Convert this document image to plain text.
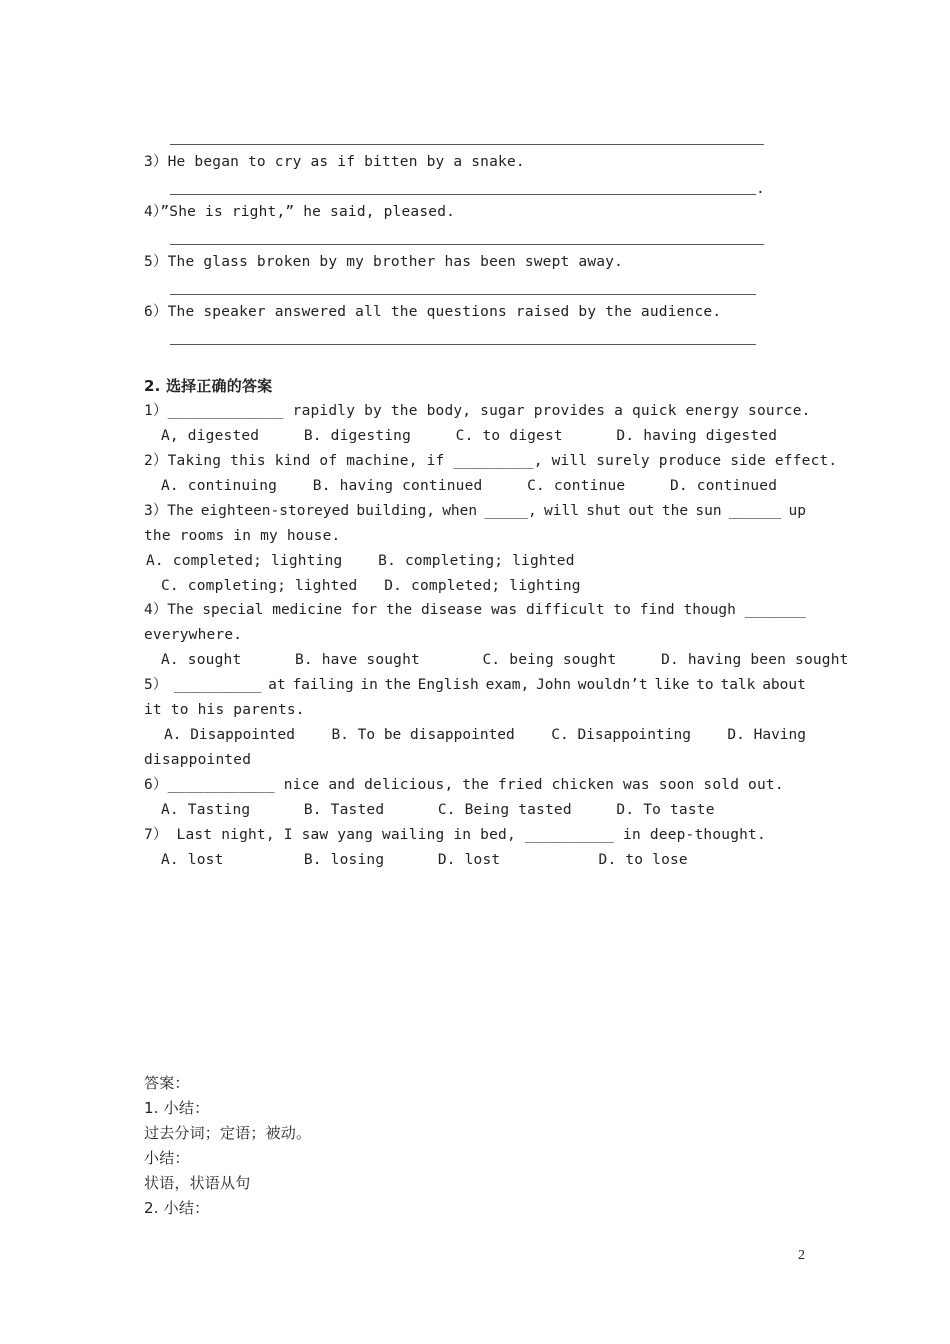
3）He began to cry as if bitten by a snake.
.
4）”She is right,” he said, pleased.
5）The glass broken by my brother has been swept away.
6）The speaker answered all the questions raised by the audience.
2. 选择正确的答案
1）_____________ rapidly by the body, sugar provides a quick energy source.
A, digested     B. digesting     C. to digest      D. having digested
2）Taking this kind of machine, if _________, will surely produce side effect.
A. continuing    B. having continued     C. continue     D. continued
3）The eighteen-storeyed building, when _____, will shut out the sun ______ up
the rooms in my house.
A. completed; lighting    B. completing; lighted
C. completing; lighted   D. completed; lighting
4）The special medicine for the disease was difficult to find though _______
everywhere.
A. sought      B. have sought       C. being sought     D. having been sought
5） __________ at failing in the English exam, John wouldn’t like to talk about
it to his parents.
A. Disappointed	B. To be disappointed	C. Disappointing	D. Having
disappointed
6）____________ nice and delicious, the fried chicken was soon sold out.
A. Tasting      B. Tasted      C. Being tasted     D. To taste
7） Last night, I saw yang wailing in bed, __________ in deep-thought.
A. lost         B. losing      D. lost           D. to lose
答案：
1. 小结：
过去分词；定语；被动。
小结：
状语，状语从句
2. 小结：
2
